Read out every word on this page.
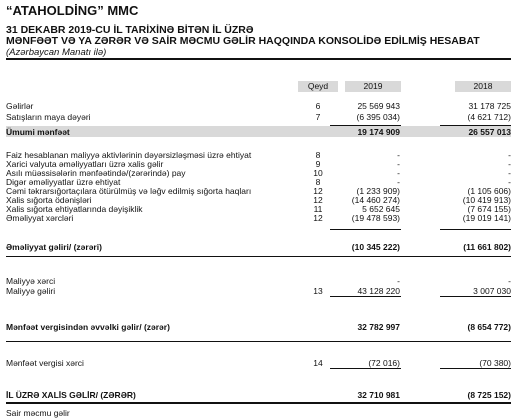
“ATAHOLDİNG” MMC
31 DEKABR 2019-CU İL TARİXİNƏ BİTƏN İL ÜZRƏ
MƏNFƏƏT VƏ YA ZƏRƏR VƏ SAİR MƏCMU GƏLİR HAQQINDA KONSOLİDƏ EDİLMİŞ HESABAT
(Azərbaycan Manatı ilə)
Qeyd	2019	2018
Gəlirlər	6	25 569 943	31 178 725
Satışların maya dəyəri	7	(6 395 034)	(4 621 712)
Ümumi mənfəət	19 174 909	26 557 013
Faiz hesablanan maliyyə aktivlərinin dəyərsizləşməsi üzrə ehtiyat	8	-	-
Xarici valyuta əməliyyatları üzrə xalis gəlir	9	-	-
Asılı müəssisələrin mənfəətində/(zərərində) pay	10	-	-
Digər əməliyyatlar üzrə ehtiyat	8	-	-
Cəmi təkrarsığortaçılara ötürülmüş və ləğv edilmiş sığorta haqları	12	(1 233 909)	(1 105 606)
Xalis sığorta ödənişləri	12	(14 460 274)	(10 419 913)
Xalis sığorta ehtiyatlarında dəyişiklik	11	5 652 645	(7 674 155)
Əməliyyat xərcləri	12	(19 478 593)	(19 019 141)
Əməliyyat gəliri/ (zərəri)	(10 345 222)	(11 661 802)
Maliyyə xərci	-	-
Maliyyə gəliri	13	43 128 220	3 007 030
Mənfəət vergisindən əvvəlki gəlir/ (zərər)	32 782 997	(8 654 772)
Mənfəət vergisi xərci	14	(72 016)	(70 380)
İL ÜZRƏ XALİS GƏLİR/ (ZƏRƏR)	32 710 981	(8 725 152)
Sair məcmu gəlir
